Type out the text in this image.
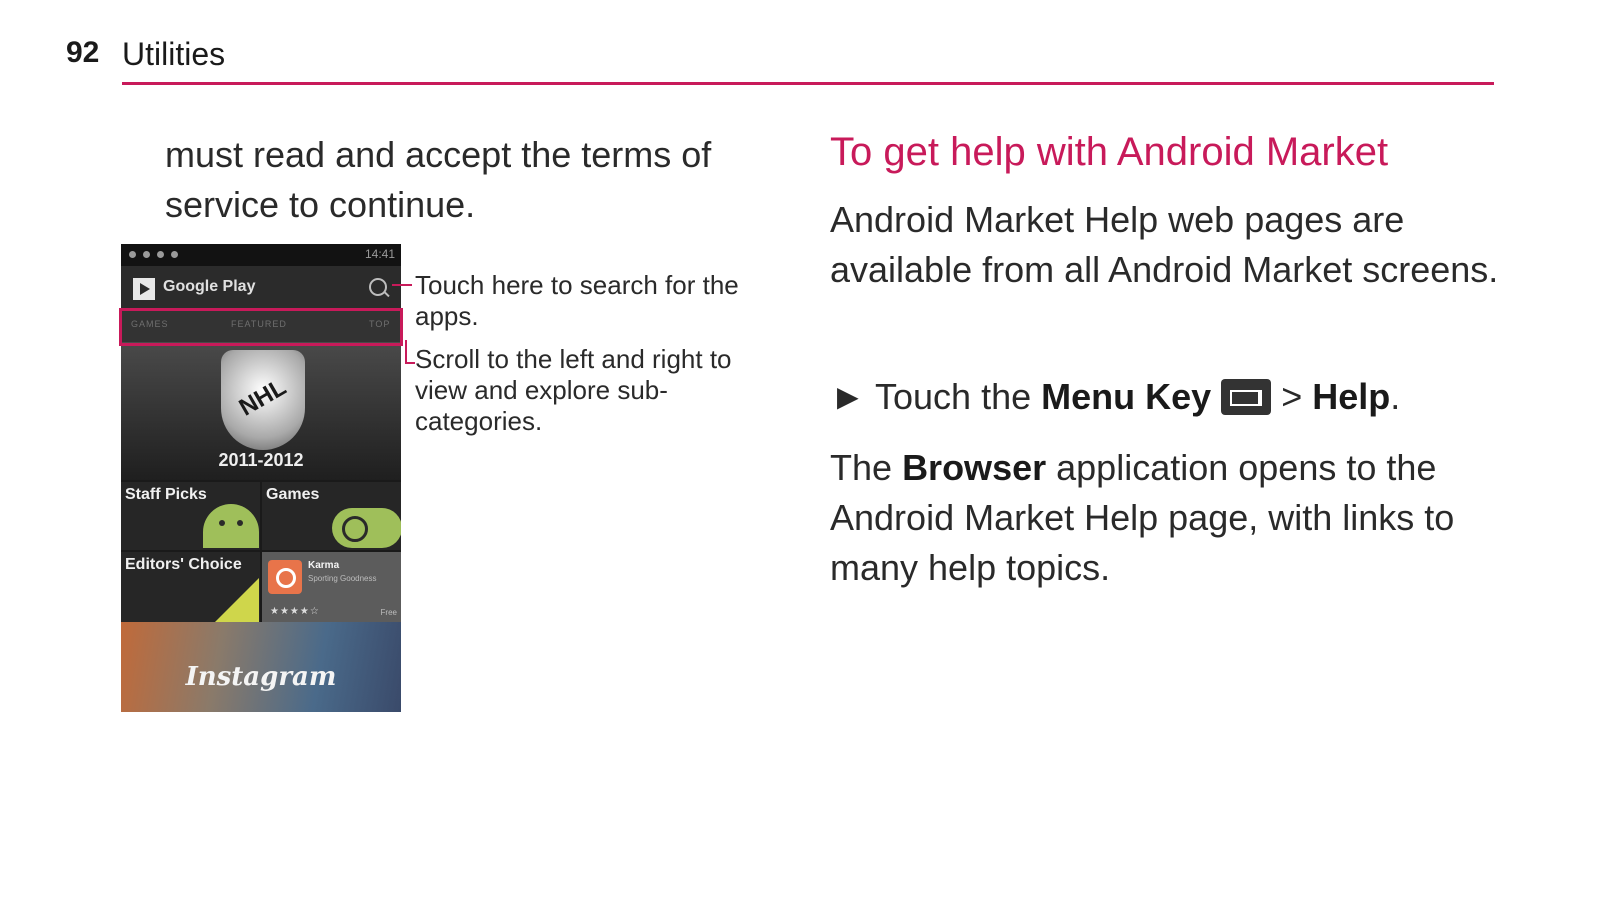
92 Utilities

must read and accept the terms of service to continue.

14:41
Google Play
GAMES	FEATURED	TOP
NHL
2011-2012
Staff Picks	Games
Editors' Choice	Karma
Sporting Goodness
★★★★☆	Free
Instagram

Touch here to search for the apps.

Scroll to the left and right to view and explore sub-categories.

To get help with Android Market

Android Market Help web pages are available from all Android Market screens.

► Touch the Menu Key > Help.

The Browser application opens to the Android Market Help page, with links to many help topics.
